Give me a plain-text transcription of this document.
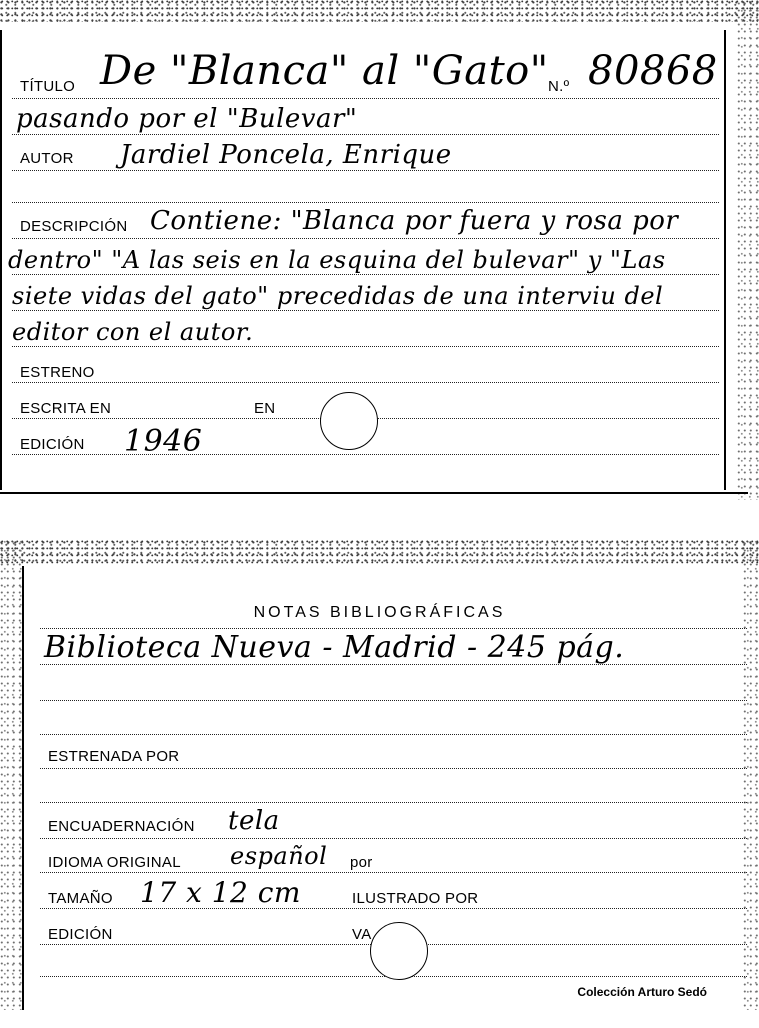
TÍTULO De "Blanca" al "Gato" N.º 80868
pasando por el "Bulevar"
AUTOR Jardiel Poncela, Enrique
DESCRIPCIÓN Contiene: "Blanca por fuera y rosa por
dentro" "A las seis en la esquina del bulevar" y "Las
siete vidas del gato" precedidas de una interviu del
editor con el autor.
ESTRENO
ESCRITA EN	EN
EDICIÓN 1946
NOTAS BIBLIOGRÁFICAS
Biblioteca Nueva - Madrid - 245 pág.
ESTRENADA POR
ENCUADERNACIÓN tela
IDIOMA ORIGINAL español por
TAMAÑO 17 x 12 cm	ILUSTRADO POR
EDICIÓN	VA
Colección Arturo Sedó
